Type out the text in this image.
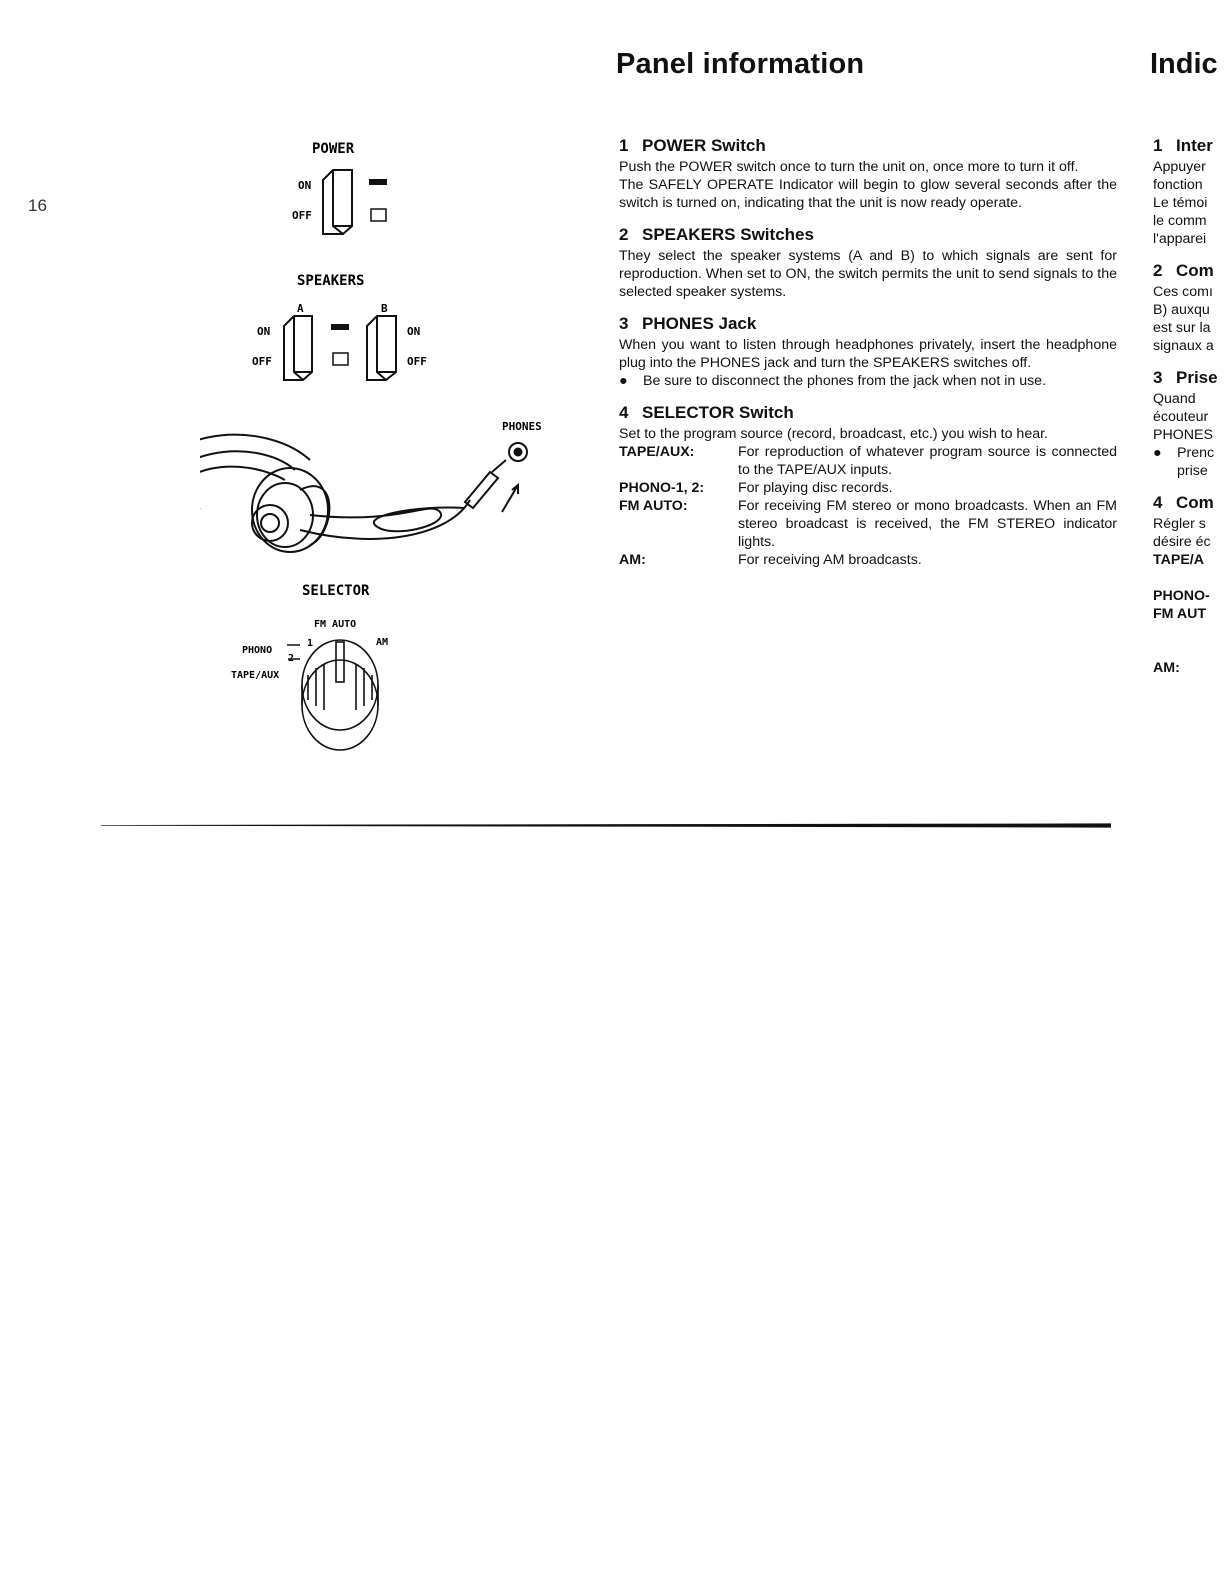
16
Panel information	Indic
POWER
ON
OFF
SPEAKERS
A	B
ON
OFF
ON
OFF
PHONES
SELECTOR
FM AUTO
PHONO
1
2
AM
TAPE/AUX
1 POWER Switch

Push the POWER switch once to turn the unit on, once more to turn it off.

The SAFELY OPERATE Indicator will begin to glow several seconds after the switch is turned on, indicating that the unit is now ready operate.

2 SPEAKERS Switches

They select the speaker systems (A and B) to which signals are sent for reproduction. When set to ON, the switch permits the unit to send signals to the selected speaker systems.

3 PHONES Jack

When you want to listen through headphones privately, insert the headphone plug into the PHONES jack and turn the SPEAKERS switches off.

●	Be sure to disconnect the phones from the jack when not in use.
4 SELECTOR Switch

Set to the program source (record, broadcast, etc.) you wish to hear.

TAPE/AUX:	For reproduction of whatever program source is connected to the TAPE/AUX inputs.
PHONO-1, 2:	For playing disc records.
FM AUTO:	For receiving FM stereo or mono broadcasts. When an FM stereo broadcast is received, the FM STEREO indicator lights.
AM:	For receiving AM broadcasts.
1 Inter

Appuyer

fonction

Le témoi

le comm

l'apparei

2 Com

Ces comı

B) auxqu

est sur la

signaux a

3 Prise

Quand

écouteur

PHONES

●	Prenc
prise
4 Com

Régler s

désire éc

TAPE/A

PHONO-

FM AUT

AM:
